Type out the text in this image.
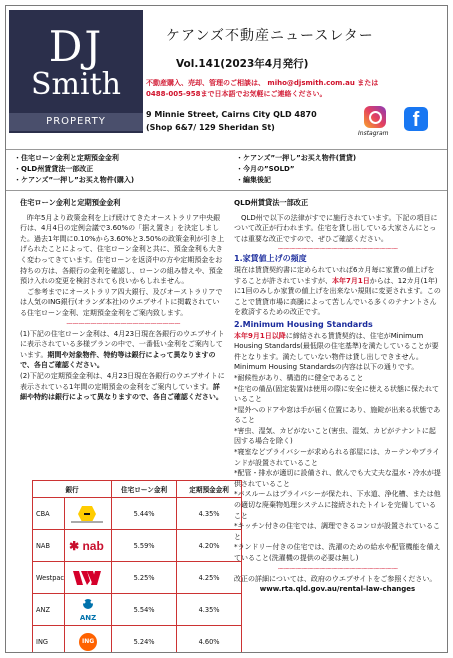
DJ
Smith
PROPERTY
ケアンズ不動産ニュースレター
Vol.141(2023年4月発行)
不動産購入、売却、管理のご相談は、 miho@djsmith.com.au または
0488-005-958まで日本語でお気軽にご連絡ください。
9 Minnie Street, Cairns City QLD 4870
(Shop 6&7/ 129 Sheridan St)
Instagram
f
・住宅ローン金利と定期預金金利
・QLD州賃貸法一部改正
・ケアンズ”一押し”お买え物件(購入)
・ケアンズ”一押し”お买え物件(賃貸)
・今月の”SOLD”
・編集後記
住宅ローン金利と定期預金金利

昨年5月より政策金利を上げ続けてきたオーストラリア中央銀行は、4月4日の定例会議で3.60%の「据え置き」を決定しました。過去1年間に0.10%から3.60%と3.50%の政策金利が引き上げられたことによって、住宅ローン金利と共に、預金金利も大きく変わってきています。住宅ローンを返済中の方や定期預金をお持ちの方は、各銀行の金利を確認し、ローンの組み替えや、預金預け入れの変更を検討されても良いかもしれません。

ご参考までにオーストラリア四大銀行、及びオーストラリアでは人気のING銀行(オランダ本社)のウエブサイトに掲載されている住宅ローン金利、定期預金金利をご案内致します。

ーーーーーーーーーーーーーーーーーーー

(1)下記の住宅ローン金利は、4月23日現在各銀行のウエブサイトに表示されている多様プランの中で、一番低い金利をご案内しています。期間や対象物件、特約等は銀行によって異なりますので、各自ご確認ください。

(2)下記の定期預金金利は、4月23日現在各銀行のウエブサイトに表示されている1年間の定期預金の金利をご案内しています。詳細や特約は銀行によって異なりますので、各自ご確認ください。

銀行		住宅ローン金利	定期預金金利
CBA		5.44%	4.35%
NAB	✱ nab	5.59%	4.20%
Westpac		5.25%	4.25%
ANZ	ANZ	5.54%	4.35%
ING	ING	5.24%	4.60%
QLD州賃貸法一部改正

QLD州で以下の法律がすでに施行されています。下記の項目について改正が行われます。住宅を貸し出している大家さんにとっては重要な改正ですので、ぜひご確認ください。

ーーーーーーーーーーーーーーーーーーーー
1.家賃値上げの頻度

現在は賃貸契約書に定められていれば6カ月毎に家賃の値上げをすることが許されていますが、本年7月1日からは、12カ月(1年)に1回のみしか家賃の値上げを出来ない規則に変更されます。このことで賃貸市場に高騰によって苦しんでいる多くのテナントさんを救済するための改正です。

2.Minimum Housing Standards

本年9月1日以降に締結される賃貸契約は、住宅がMinimum Housing Standards(最低限の住宅基準)を満たしていることが要件となります。満たしていない物件は貸し出しできません。Minimum Housing Standardsの内容は以下の通りです。

*耐候性があり、構造的に健全であること

*住宅の備品(固定装置)は使用の際に安全に使える状態に保たれていること

*屋外へのドアや窓は手が届く位置にあり、施錠が出来る状態であること

*害虫、湿気、カビがないこと(害虫、湿気、カビがテナントに起因する場合を除く)

*寝室などプライバシーが求められる部屋には、カーテンやブラインドが設置されていること

*配管・排水が適切に設備され、飲んでも大丈夫な温水・冷水が提供されていること

*バスルームはプライバシーが保たれ、下水道、浄化槽、または他の適切な廃棄物処理システムに接続されたトイレを完備していること

*キッチン付きの住宅では、調理できるコンロが設置されていること

*ランドリー付きの住宅では、洗濯のための給水や配管機能を備えていること(洗濯機の提供の必要は無し)

ーーーーーーーーーーーーーーーーーーーー

改正の詳細については、政府のウエブサイトをご参照ください。

www.rta.qld.gov.au/rental-law-changes
